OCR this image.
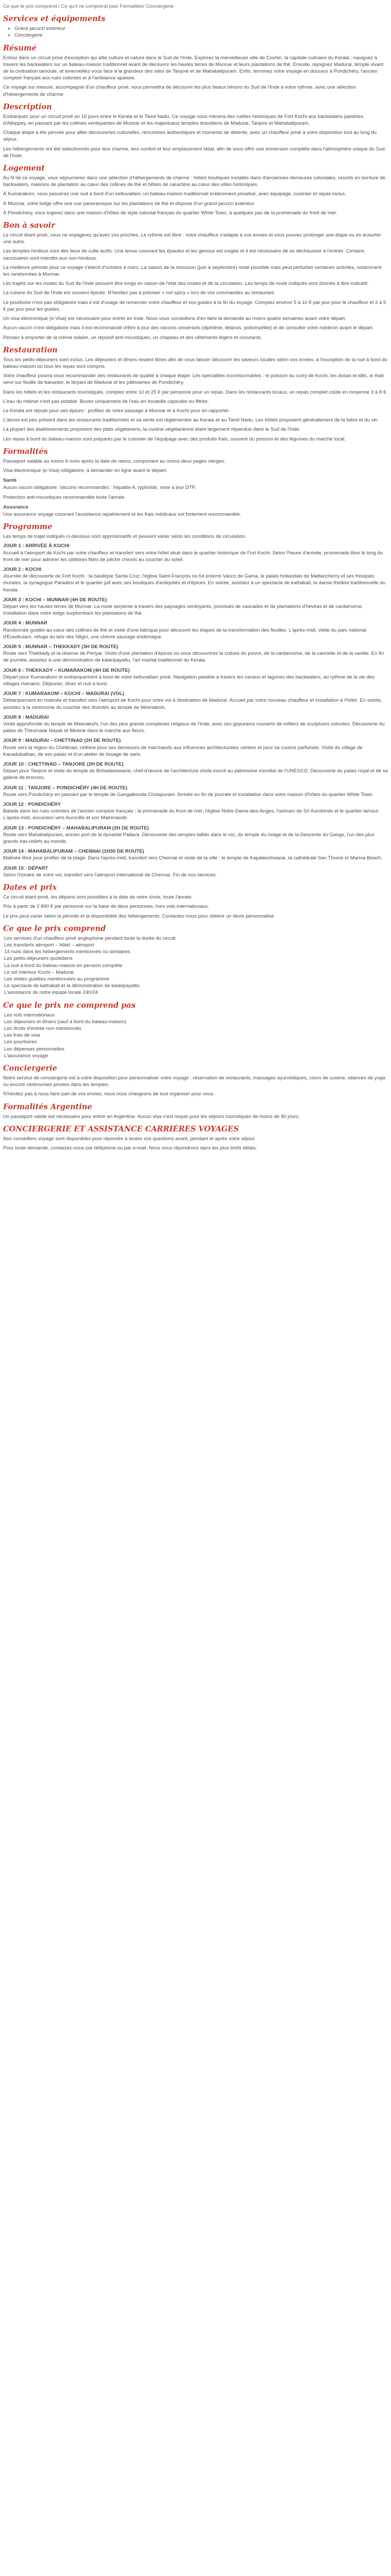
Ce que le prix comprend / Ce qu'il ne comprend pas/ Formalités/ Conciergerie
Services et équipements
• Grand jacuzzi extérieur
• Conciergerie
Résumé

Entrez dans un circuit privé d'exception qui allie culture et nature dans le Sud de l'Inde. Explorez la merveilleuse ville de Cochin, la capitale culinaire du Kerala ; naviguez à travers les backwaters sur un bateau-maison traditionnel avant de découvrir les hautes terres de Munnar et leurs plantations de thé. Ensuite, rejoignez Madurai, temple vivant de la civilisation tamoule, et émerveillez-vous face à la grandeur des sites de Tanjore et de Mahabalipuram. Enfin, terminez votre voyage en douceur à Pondichéry, l'ancien comptoir français aux rues colorées et à l'ambiance apaisée.

Ce voyage sur mesure, accompagné d'un chauffeur privé, vous permettra de découvrir les plus beaux trésors du Sud de l'Inde à votre rythme, avec une sélection d'hébergements de charme.

Description

Embarquez pour un circuit privé en 15 jours entre le Kerala et le Tamil Nadu. Ce voyage vous mènera des ruelles historiques de Fort Kochi aux backwaters paisibles d'Alleppey, en passant par les collines verdoyantes de Munnar et les majestueux temples dravidiens de Madurai, Tanjore et Mahabalipuram.

Chaque étape a été pensée pour allier découvertes culturelles, rencontres authentiques et moments de détente, avec un chauffeur privé à votre disposition tout au long du séjour.

Les hébergements ont été sélectionnés pour leur charme, leur confort et leur emplacement idéal, afin de vous offrir une immersion complète dans l'atmosphère unique du Sud de l'Inde.

Logement

Au fil de ce voyage, vous séjournerez dans une sélection d'hébergements de charme : hôtels boutiques installés dans d'anciennes demeures coloniales, resorts en bordure de backwaters, maisons de plantation au cœur des collines de thé et hôtels de caractère au cœur des villes historiques.

À Kumarakom, vous passerez une nuit à bord d'un kettuvallam, un bateau-maison traditionnel entièrement privatisé, avec équipage, cuisinier et repas inclus.

À Munnar, votre lodge offre une vue panoramique sur les plantations de thé et dispose d'un grand jacuzzi extérieur.

À Pondichéry, vous logerez dans une maison d'hôtes de style colonial français du quartier White Town, à quelques pas de la promenade du front de mer.

Bon à savoir

Le circuit étant privé, vous ne voyagerez qu'avec vos proches. Le rythme est libre : votre chauffeur s'adapte à vos envies et vous pouvez prolonger une étape ou en écourter une autre.

Les temples hindous sont des lieux de culte actifs. Une tenue couvrant les épaules et les genoux est exigée et il est nécessaire de se déchausser à l'entrée. Certains sanctuaires sont interdits aux non-hindous.

La meilleure période pour ce voyage s'étend d'octobre à mars. La saison de la mousson (juin à septembre) reste possible mais peut perturber certaines activités, notamment les randonnées à Munnar.

Les trajets sur les routes du Sud de l'Inde peuvent être longs en raison de l'état des routes et de la circulation. Les temps de route indiqués sont donnés à titre indicatif.

La cuisine du Sud de l'Inde est souvent épicée. N'hésitez pas à préciser « not spicy » lors de vos commandes au restaurant.

Le pourboire n'est pas obligatoire mais il est d'usage de remercier votre chauffeur et vos guides à la fin du voyage. Comptez environ 5 à 10 € par jour pour le chauffeur et 2 à 5 € par jour pour les guides.

Un visa électronique (e-Visa) est nécessaire pour entrer en Inde. Nous vous conseillons d'en faire la demande au moins quatre semaines avant votre départ.

Aucun vaccin n'est obligatoire mais il est recommandé d'être à jour des vaccins universels (diphtérie, tétanos, poliomyélite) et de consulter votre médecin avant le départ.

Pensez à emporter de la crème solaire, un répulsif anti-moustiques, un chapeau et des vêtements légers et couvrants.

Restauration

Tous les petits-déjeuners sont inclus. Les déjeuners et dîners restent libres afin de vous laisser découvrir les saveurs locales selon vos envies, à l'exception de la nuit à bord du bateau-maison où tous les repas sont compris.

Votre chauffeur pourra vous recommander des restaurants de qualité à chaque étape. Les spécialités incontournables : le poisson au curry de Kochi, les dosas et idlis, le thali servi sur feuille de bananier, le biryani de Madurai et les pâtisseries de Pondichéry.

Dans les hôtels et les restaurants touristiques, comptez entre 10 et 25 € par personne pour un repas. Dans les restaurants locaux, un repas complet coûte en moyenne 3 à 8 €.

L'eau du robinet n'est pas potable. Buvez uniquement de l'eau en bouteille capsulée ou filtrée.

Le Kerala est réputé pour ses épices : profitez de votre passage à Munnar et à Kochi pour en rapporter.

L'alcool est peu présent dans les restaurants traditionnels et sa vente est réglementée au Kerala et au Tamil Nadu. Les hôtels proposent généralement de la bière et du vin.

La plupart des établissements proposent des plats végétariens, la cuisine végétarienne étant largement répandue dans le Sud de l'Inde.

Les repas à bord du bateau-maison sont préparés par le cuisinier de l'équipage avec des produits frais, souvent du poisson et des légumes du marché local.

Formalités

Passeport valable au moins 6 mois après la date de retour, comportant au moins deux pages vierges.

Visa électronique (e-Visa) obligatoire, à demander en ligne avant le départ.

Santé

Aucun vaccin obligatoire. Vaccins recommandés : hépatite A, typhoïde, mise à jour DTP.

Protection anti-moustiques recommandée toute l'année.

Assurance

Une assurance voyage couvrant l'assistance rapatriement et les frais médicaux est fortement recommandée.

Programme

Les temps de trajet indiqués ci-dessous sont approximatifs et peuvent varier selon les conditions de circulation.

JOUR 1 : ARRIVÉE À KOCHI
Accueil à l'aéroport de Kochi par votre chauffeur et transfert vers votre hôtel situé dans le quartier historique de Fort Kochi. Selon l'heure d'arrivée, promenade libre le long du front de mer pour admirer les célèbres filets de pêche chinois au coucher du soleil.
JOUR 2 : KOCHI
Journée de découverte de Fort Kochi : la basilique Santa Cruz, l'église Saint-François où fut enterré Vasco de Gama, le palais hollandais de Mattancherry et ses fresques murales, la synagogue Paradesi et le quartier juif avec ses boutiques d'antiquités et d'épices. En soirée, assistez à un spectacle de kathakali, la danse-théâtre traditionnelle du Kerala.
JOUR 3 : KOCHI – MUNNAR (4H DE ROUTE)
Départ vers les hautes terres de Munnar. La route serpente à travers des paysages verdoyants, ponctués de cascades et de plantations d'hévéas et de cardamome. Installation dans votre lodge surplombant les plantations de thé.
JOUR 4 : MUNNAR
Randonnée guidée au cœur des collines de thé et visite d'une fabrique pour découvrir les étapes de la transformation des feuilles. L'après-midi, visite du parc national d'Eravikulam, refuge du tahr des Nilgiri, une chèvre sauvage endémique.
JOUR 5 : MUNNAR – THEKKADY (3H DE ROUTE)
Route vers Thekkady et la réserve de Periyar. Visite d'une plantation d'épices où vous découvrirez la culture du poivre, de la cardamome, de la cannelle et de la vanille. En fin de journée, assistez à une démonstration de kalaripayattu, l'art martial traditionnel du Kerala.
JOUR 6 : THEKKADY – KUMARAKOM (4H DE ROUTE)
Départ pour Kumarakom et embarquement à bord de votre kettuvallam privé. Navigation paisible à travers les canaux et lagunes des backwaters, au rythme de la vie des villages riverains. Déjeuner, dîner et nuit à bord.
JOUR 7 : KUMARAKOM – KOCHI – MADURAI (VOL)
Débarquement en matinée et transfert vers l'aéroport de Kochi pour votre vol à destination de Madurai. Accueil par votre nouveau chauffeur et installation à l'hôtel. En soirée, assistez à la cérémonie du coucher des divinités au temple de Meenakshi.
JOUR 8 : MADURAI
Visite approfondie du temple de Meenakshi, l'un des plus grands complexes religieux de l'Inde, avec ses gopurams couverts de milliers de sculptures colorées. Découverte du palais de Thirumalai Nayak et flânerie dans le marché aux fleurs.
JOUR 9 : MADURAI – CHETTINAD (2H DE ROUTE)
Route vers la région du Chettinad, célèbre pour ses demeures de marchands aux influences architecturales variées et pour sa cuisine parfumée. Visite du village de Kanadukathan, de ses palais et d'un atelier de tissage de saris.
JOUR 10 : CHETTINAD – TANJORE (2H DE ROUTE)
Départ pour Tanjore et visite du temple de Brihadeeswarar, chef-d'œuvre de l'architecture chola inscrit au patrimoine mondial de l'UNESCO. Découverte du palais royal et de sa galerie de bronzes.
JOUR 11 : TANJORE – PONDICHÉRY (4H DE ROUTE)
Route vers Pondichéry en passant par le temple de Gangaikonda Cholapuram. Arrivée en fin de journée et installation dans votre maison d'hôtes du quartier White Town.
JOUR 12 : PONDICHÉRY
Balade dans les rues colorées de l'ancien comptoir français : la promenade du front de mer, l'église Notre-Dame-des-Anges, l'ashram de Sri Aurobindo et le quartier tamoul. L'après-midi, excursion vers Auroville et son Matrimandir.
JOUR 13 : PONDICHÉRY – MAHABALIPURAM (2H DE ROUTE)
Route vers Mahabalipuram, ancien port de la dynastie Pallava. Découverte des temples taillés dans le roc, du temple du rivage et de la Descente du Gange, l'un des plus grands bas-reliefs au monde.
JOUR 14 : MAHABALIPURAM – CHENNAI (1H30 DE ROUTE)
Matinée libre pour profiter de la plage. Dans l'après-midi, transfert vers Chennai et visite de la ville : le temple de Kapaleeshwarar, la cathédrale San Thomé et Marina Beach.
JOUR 15 : DÉPART
Selon l'horaire de votre vol, transfert vers l'aéroport international de Chennai. Fin de nos services.
Dates et prix

Ce circuit étant privé, les départs sont possibles à la date de votre choix, toute l'année.

Prix à partir de 2 890 € par personne sur la base de deux personnes, hors vols internationaux.

Le prix peut varier selon la période et la disponibilité des hébergements. Contactez-nous pour obtenir un devis personnalisé.

Ce que le prix comprend
Les services d'un chauffeur privé anglophone pendant toute la durée du circuit
Les transferts aéroport – hôtel – aéroport
14 nuits dans les hébergements mentionnés ou similaires
Les petits-déjeuners quotidiens
La nuit à bord du bateau-maison en pension complète
Le vol intérieur Kochi – Madurai
Les visites guidées mentionnées au programme
Le spectacle de kathakali et la démonstration de kalaripayattu
L'assistance de notre équipe locale 24h/24
Ce que le prix ne comprend pas
Les vols internationaux
Les déjeuners et dîners (sauf à bord du bateau-maison)
Les droits d'entrée non mentionnés
Les frais de visa
Les pourboires
Les dépenses personnelles
L'assurance voyage
Conciergerie

Notre service de conciergerie est à votre disposition pour personnaliser votre voyage : réservation de restaurants, massages ayurvédiques, cours de cuisine, séances de yoga ou encore cérémonies privées dans les temples.

N'hésitez pas à nous faire part de vos envies, nous nous chargeons de tout organiser pour vous.

Formalités Argentine

Un passeport valide est nécessaire pour entrer en Argentine. Aucun visa n'est requis pour les séjours touristiques de moins de 90 jours.

CONCIERGERIE ET ASSISTANCE CARRIÈRES VOYAGES

Nos conseillers voyage sont disponibles pour répondre à toutes vos questions avant, pendant et après votre séjour.

Pour toute demande, contactez-nous par téléphone ou par e-mail. Nous vous répondrons dans les plus brefs délais.
